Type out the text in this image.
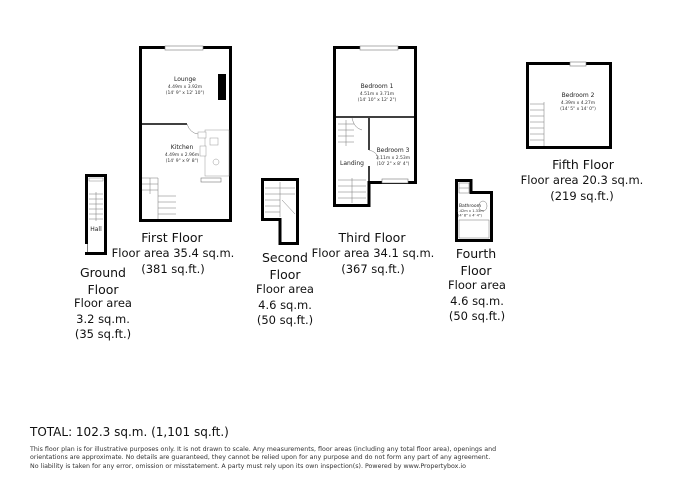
Hall
Lounge
4.49m x 3.92m
(14' 9" x 12' 10")
Kitchen
4.49m x 2.96m
(14' 9" x 9' 8")
Bedroom 1
4.51m x 3.71m
(14' 10" x 12' 2")
Bedroom 3
3.11m x 2.53m
(10' 2" x 8' 4")
Landing
Bathroom
1.42m x 1.33m
(4' 8" x 4' 4")
Bedroom 2
4.39m x 4.27m
(14' 5" x 14' 0")
Ground Floor
Floor area 3.2 sq.m. (35 sq.ft.)
First Floor
Floor area 35.4 sq.m. (381 sq.ft.)
Second Floor
Floor area 4.6 sq.m. (50 sq.ft.)
Third Floor
Floor area 34.1 sq.m. (367 sq.ft.)
Fourth Floor
Floor area 4.6 sq.m. (50 sq.ft.)
Fifth Floor
Floor area 20.3 sq.m. (219 sq.ft.)
TOTAL: 102.3 sq.m. (1,101 sq.ft.)
This floor plan is for illustrative purposes only. It is not drawn to scale. Any measurements, floor areas (including any total floor area), openings and orientations are approximate. No details are guaranteed, they cannot be relied upon for any purpose and do not form any part of any agreement. No liability is taken for any error, omission or misstatement. A party must rely upon its own inspection(s). Powered by www.Propertybox.io
